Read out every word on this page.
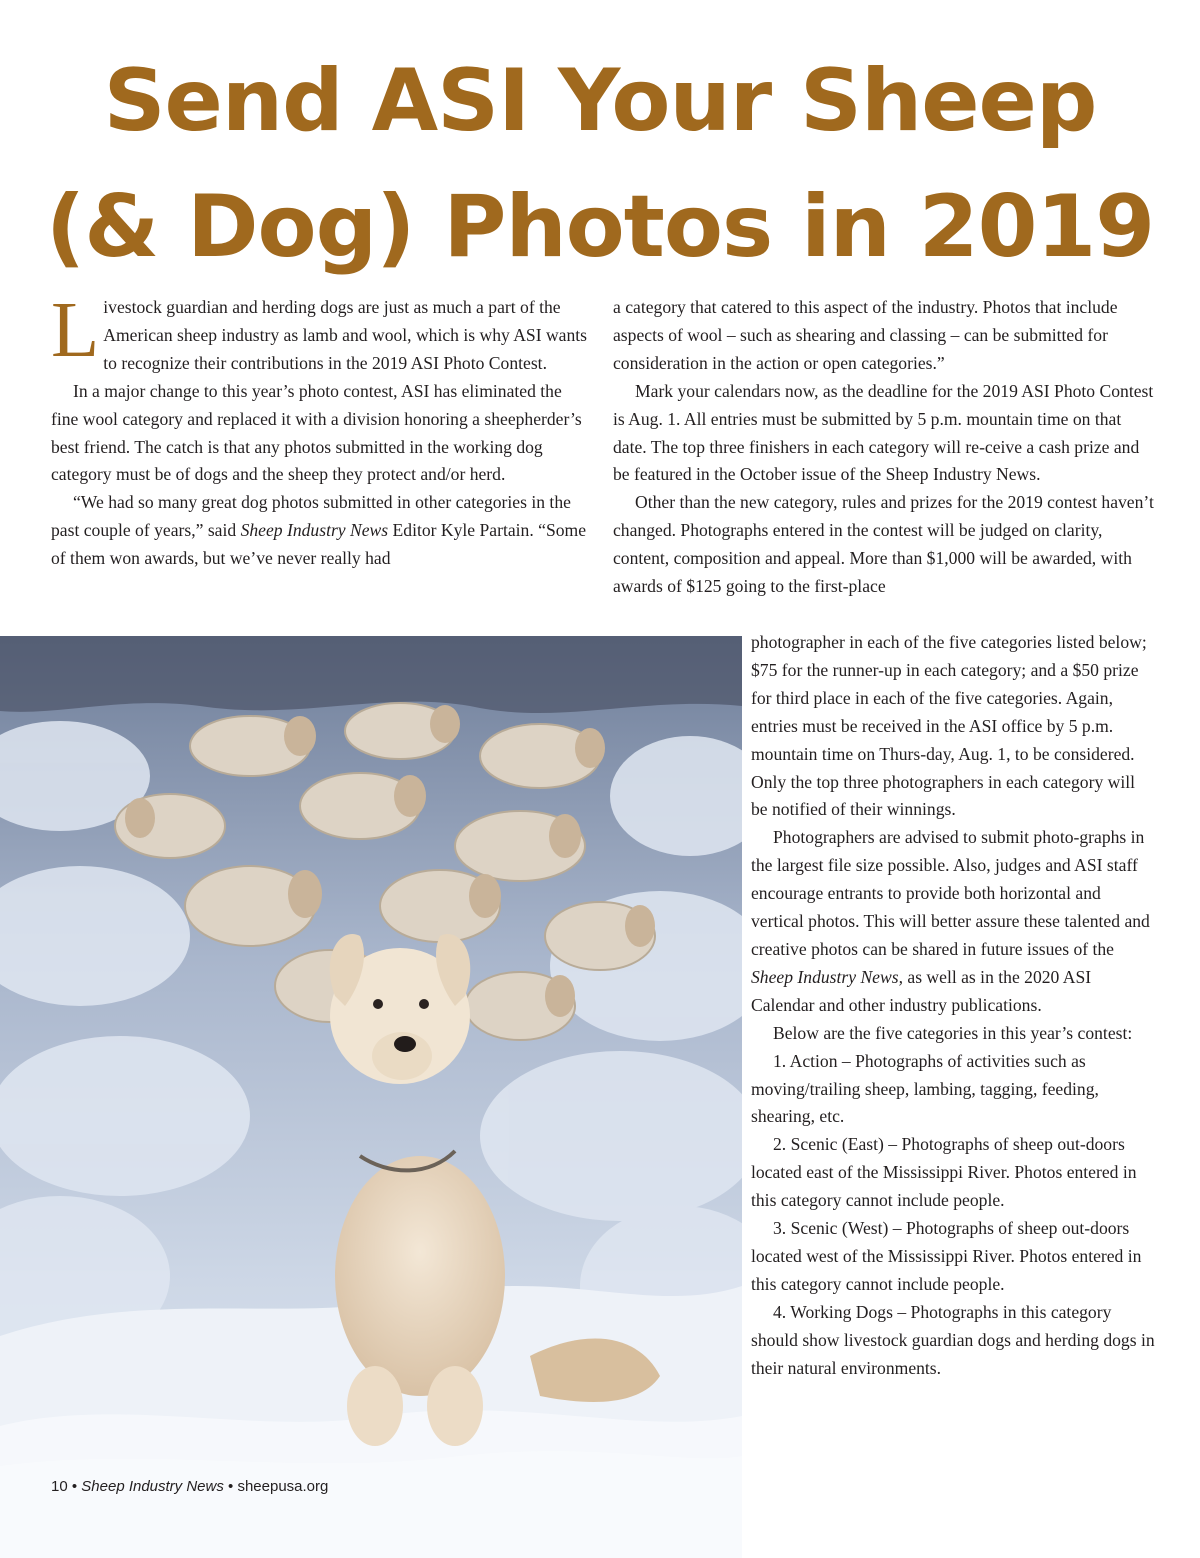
Send ASI Your Sheep
(& Dog) Photos in 2019

Livestock guardian and herding dogs are just as much a part of the American sheep industry as lamb and wool, which is why ASI wants to recognize their contributions in the 2019 ASI Photo Contest.

In a major change to this year’s photo contest, ASI has eliminated the fine wool category and replaced it with a division honoring a sheepherder’s best friend. The catch is that any photos submitted in the working dog category must be of dogs and the sheep they protect and/or herd.

“We had so many great dog photos submitted in other categories in the past couple of years,” said Sheep Industry News Editor Kyle Partain. “Some of them won awards, but we’ve never really had

a category that catered to this aspect of the industry. Photos that include aspects of wool – such as shearing and classing – can be submitted for consideration in the action or open categories.”

Mark your calendars now, as the deadline for the 2019 ASI Photo Contest is Aug. 1. All entries must be submitted by 5 p.m. mountain time on that date. The top three finishers in each category will re-ceive a cash prize and be featured in the October issue of the Sheep Industry News.

Other than the new category, rules and prizes for the 2019 contest haven’t changed. Photographs entered in the contest will be judged on clarity, content, composition and appeal. More than $1,000 will be awarded, with awards of $125 going to the first-place

photographer in each of the five categories listed below; $75 for the runner-up in each category; and a $50 prize for third place in each of the five categories. Again, entries must be received in the ASI office by 5 p.m. mountain time on Thurs-day, Aug. 1, to be considered. Only the top three photographers in each category will be notified of their winnings.

Photographers are advised to submit photo-graphs in the largest file size possible. Also, judges and ASI staff encourage entrants to provide both horizontal and vertical photos. This will better assure these talented and creative photos can be shared in future issues of the Sheep Industry News, as well as in the 2020 ASI Calendar and other industry publications.

Below are the five categories in this year’s contest:

1. Action – Photographs of activities such as moving/trailing sheep, lambing, tagging, feeding, shearing, etc.

2. Scenic (East) – Photographs of sheep out-doors located east of the Mississippi River. Photos entered in this category cannot include people.

3. Scenic (West) – Photographs of sheep out-doors located west of the Mississippi River. Photos entered in this category cannot include people.

4. Working Dogs – Photographs in this category should show livestock guardian dogs and herding dogs in their natural environments.

10 • Sheep Industry News • sheepusa.org
